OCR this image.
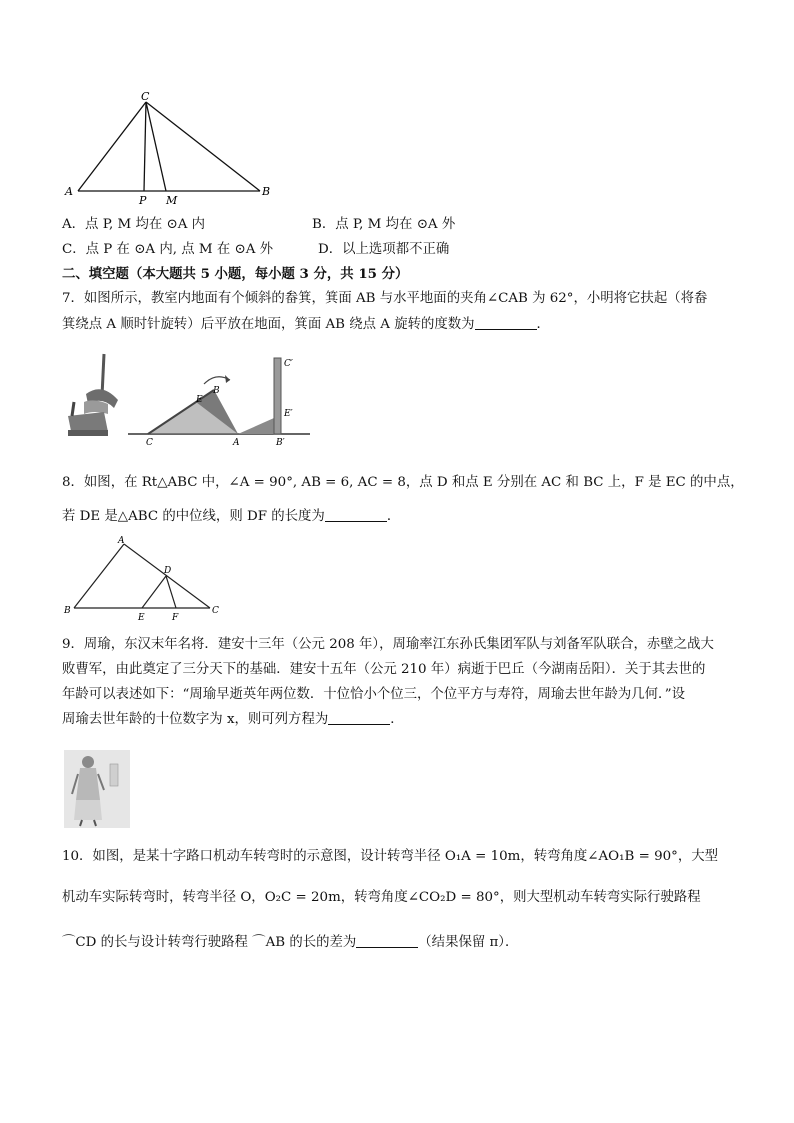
C
A
P M
B
A．点 P, M 均在 ⊙A 内	B．点 P, M 均在 ⊙A 外
C．点 P 在 ⊙A 内, 点 M 在 ⊙A 外	D．以上选项都不正确
二、填空题（本大题共 5 小题，每小题 3 分，共 15 分）
7．如图所示，教室内地面有个倾斜的畚箕，箕面 AB 与水平地面的夹角∠CAB 为 62°，小明将它扶起（将畚
箕绕点 A 顺时针旋转）后平放在地面，箕面 AB 绕点 A 旋转的度数为	．
E
B
C	A
C′
E′
B′
8．如图，在 Rt△ABC 中，∠A = 90°, AB = 6, AC = 8，点 D 和点 E 分别在 AC 和 BC 上，F 是 EC 的中点，
若 DE 是△ABC 的中位线，则 DF 的长度为	．
A
D
B
E	F
C
9．周瑜，东汉末年名将．建安十三年（公元 208 年），周瑜率江东孙氏集团军队与刘备军队联合，赤壁之战大
败曹军，由此奠定了三分天下的基础．建安十五年（公元 210 年）病逝于巴丘（今湖南岳阳）．关于其去世的
年龄可以表述如下：“周瑜早逝英年两位数．十位恰小个位三，个位平方与寿符，周瑜去世年龄为几何．”设
周瑜去世年龄的十位数字为 x，则可列方程为	．
10．如图，是某十字路口机动车转弯时的示意图，设计转弯半径 O₁A = 10m，转弯角度∠AO₁B = 90°，大型
机动车实际转弯时，转弯半径 O，O₂C = 20m，转弯角度∠CO₂D = 80°，则大型机动车转弯实际行驶路程
⌒CD 的长与设计转弯行驶路程 ⌒AB 的长的差为	（结果保留 π）．
